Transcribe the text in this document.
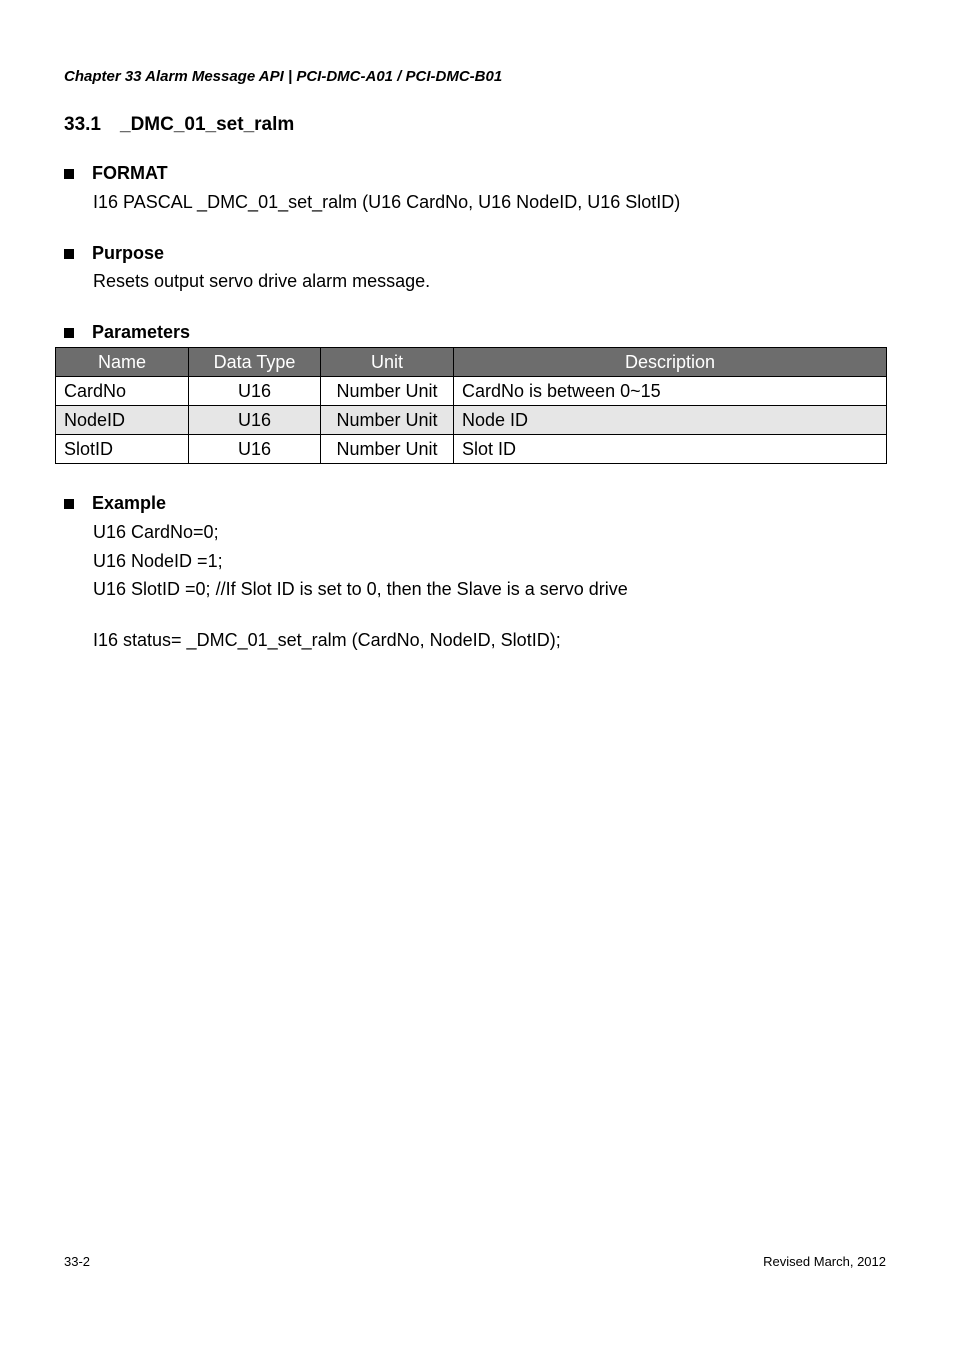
Chapter 33 Alarm Message API | PCI-DMC-A01 / PCI-DMC-B01
33.1 _DMC_01_set_ralm
FORMAT
I16 PASCAL _DMC_01_set_ralm (U16 CardNo, U16 NodeID, U16 SlotID)
Purpose
Resets output servo drive alarm message.
Parameters
Name	Data Type	Unit	Description
CardNo	U16	Number Unit	CardNo is between 0~15
NodeID	U16	Number Unit	Node ID
SlotID	U16	Number Unit	Slot ID
Example
U16 CardNo=0;
U16 NodeID =1;
U16 SlotID =0; //If Slot ID is set to 0, then the Slave is a servo drive
I16 status= _DMC_01_set_ralm (CardNo, NodeID, SlotID);
33-2	Revised March, 2012
